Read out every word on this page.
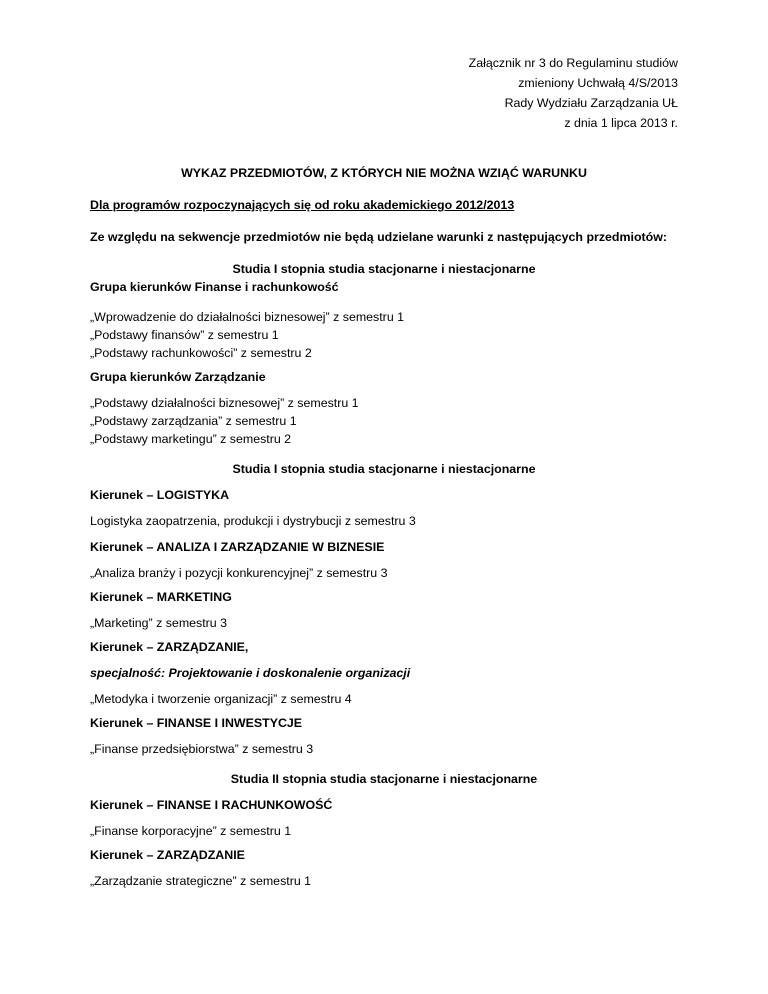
Załącznik nr 3 do Regulaminu studiów
zmieniony Uchwałą 4/S/2013
Rady Wydziału Zarządzania UŁ
z dnia 1 lipca 2013 r.
WYKAZ PRZEDMIOTÓW, Z KTÓRYCH NIE MOŻNA WZIĄĆ WARUNKU
Dla programów rozpoczynających się od roku akademickiego 2012/2013
Ze względu na sekwencje przedmiotów nie będą udzielane warunki z następujących przedmiotów:
Studia I stopnia studia stacjonarne i niestacjonarne
Grupa kierunków Finanse i rachunkowość
„Wprowadzenie do działalności biznesowej” z semestru 1
„Podstawy finansów” z semestru 1
„Podstawy rachunkowości” z semestru 2
Grupa kierunków Zarządzanie
„Podstawy działalności biznesowej” z semestru 1
„Podstawy zarządzania” z semestru 1
„Podstawy marketingu” z semestru 2
Studia I stopnia studia stacjonarne i niestacjonarne
Kierunek – LOGISTYKA
Logistyka zaopatrzenia, produkcji i dystrybucji z semestru 3
Kierunek – ANALIZA I ZARZĄDZANIE W BIZNESIE
„Analiza branży i pozycji konkurencyjnej” z semestru 3
Kierunek – MARKETING
„Marketing” z semestru 3
Kierunek – ZARZĄDZANIE,
specjalność: Projektowanie i doskonalenie organizacji
„Metodyka i tworzenie organizacji” z semestru 4
Kierunek – FINANSE I INWESTYCJE
„Finanse przedsiębiorstwa” z semestru 3
Studia II stopnia studia stacjonarne i niestacjonarne
Kierunek – FINANSE I RACHUNKOWOŚĆ
„Finanse korporacyjne” z semestru 1
Kierunek – ZARZĄDZANIE
„Zarządzanie strategiczne” z semestru 1
